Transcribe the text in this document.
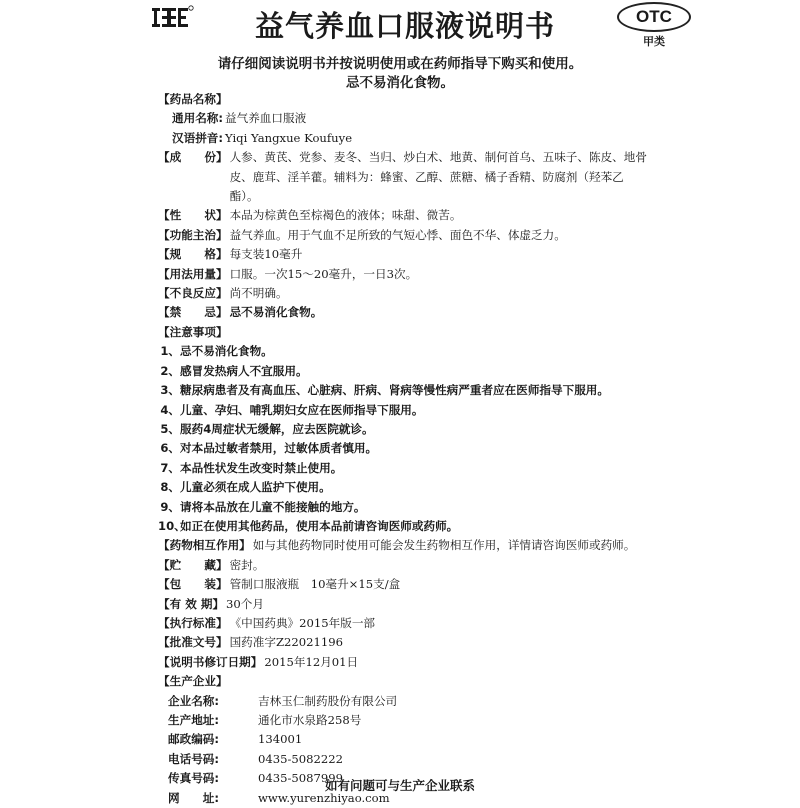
益气养血口服液说明书	OTC
甲类
请仔细阅读说明书并按说明使用或在药师指导下购买和使用。
忌不易消化食物。
【药品名称】
通用名称: 益气养血口服液
汉语拼音: Yiqi Yangxue Koufuye
【成　　份】 人参、黄芪、党参、麦冬、当归、炒白术、地黄、制何首乌、五味子、陈皮、地骨皮、鹿茸、淫羊藿。辅料为：蜂蜜、乙醇、蔗糖、橘子香精、防腐剂（羟苯乙酯）。
【性　　状】 本品为棕黄色至棕褐色的液体；味甜、微苦。
【功能主治】 益气养血。用于气血不足所致的气短心悸、面色不华、体虚乏力。
【规　　格】 每支装10毫升
【用法用量】 口服。一次15～20毫升，一日3次。
【不良反应】 尚不明确。
【禁　　忌】 忌不易消化食物。
【注意事项】
1、忌不易消化食物。
2、感冒发热病人不宜服用。
3、糖尿病患者及有高血压、心脏病、肝病、肾病等慢性病严重者应在医师指导下服用。
4、儿童、孕妇、哺乳期妇女应在医师指导下服用。
5、服药4周症状无缓解，应去医院就诊。
6、对本品过敏者禁用，过敏体质者慎用。
7、本品性状发生改变时禁止使用。
8、儿童必须在成人监护下使用。
9、请将本品放在儿童不能接触的地方。
10、如正在使用其他药品，使用本品前请咨询医师或药师。
【药物相互作用】 如与其他药物同时使用可能会发生药物相互作用，详情请咨询医师或药师。
【贮　　藏】 密封。
【包　　装】 管制口服液瓶　10毫升×15支/盒
【有 效 期】 30个月
【执行标准】 《中国药典》2015年版一部
【批准文号】 国药准字Z22021196
【说明书修订日期】 2015年12月01日
【生产企业】
企业名称:	吉林玉仁制药股份有限公司
生产地址:	通化市水泉路258号
邮政编码:	134001
电话号码:	0435-5082222
传真号码:	0435-5087999
网　　址:	www.yurenzhiyao.com
如有问题可与生产企业联系
